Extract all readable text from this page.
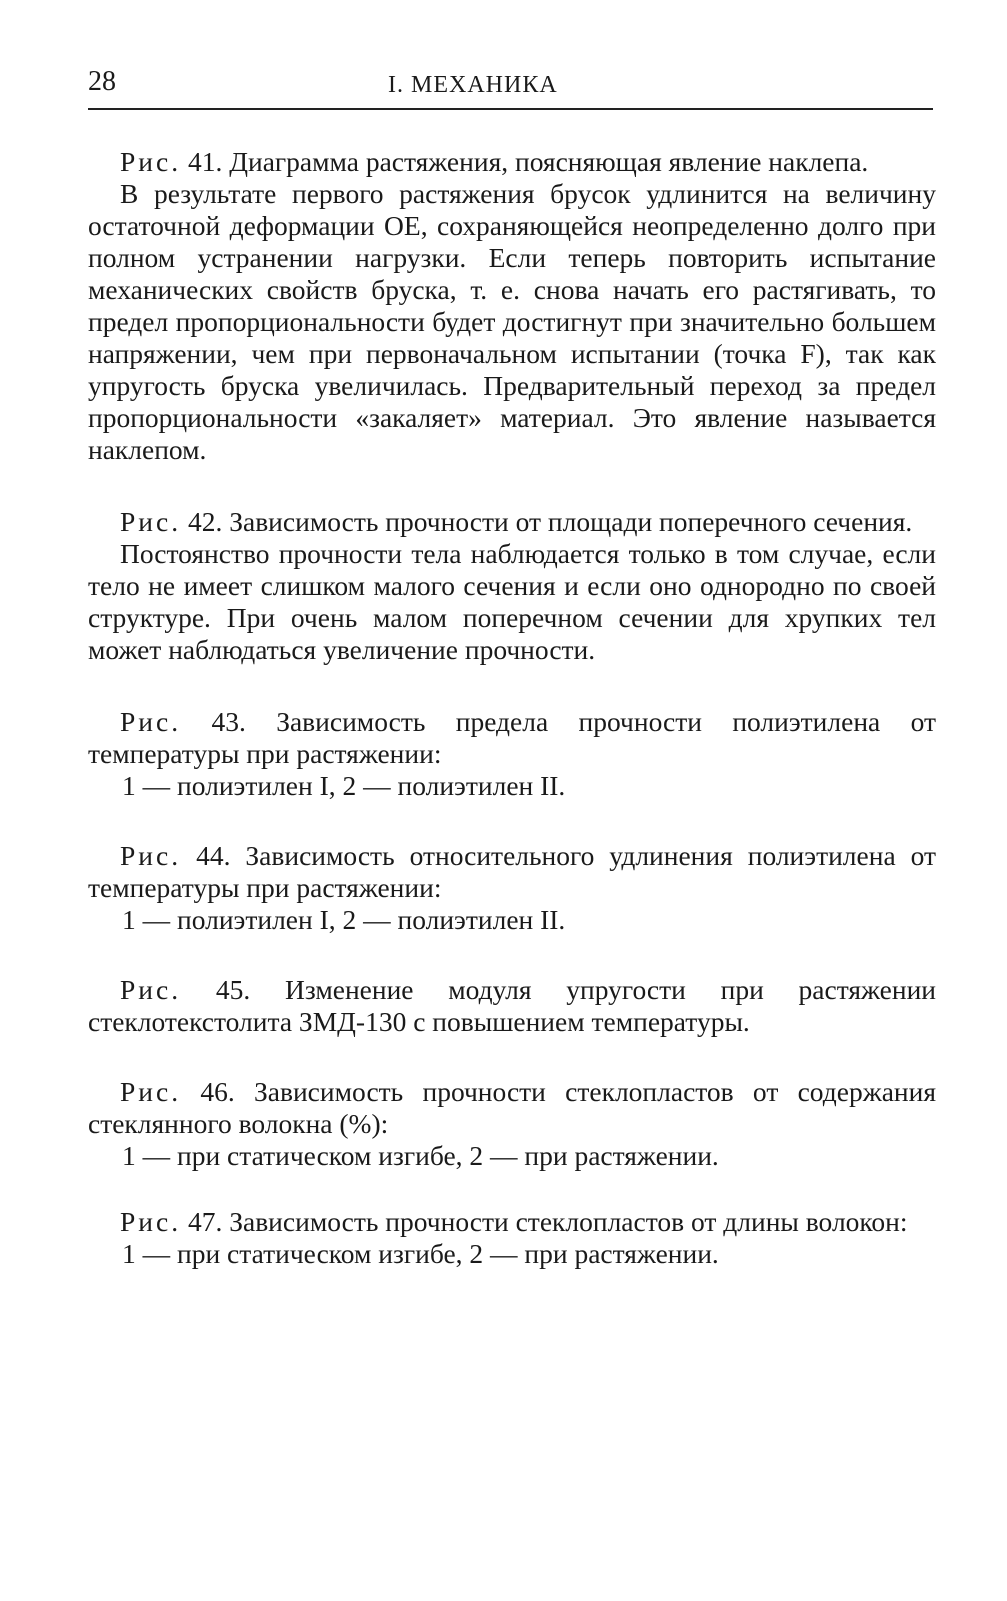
28	I. МЕХАНИКА

Рис. 41. Диаграмма растяжения, поясняющая явление наклепа.

В результате первого растяжения брусок удлинится на величину остаточной деформации OE, сохраняющейся неопределенно долго при полном устранении нагрузки. Если теперь повторить испытание механических свойств бруска, т. е. снова начать его растягивать, то предел пропорциональности будет достигнут при значительно большем напряжении, чем при первоначальном испытании (точка F), так как упругость бруска увеличилась. Предварительный переход за предел пропорциональности «закаляет» материал. Это явление называется наклепом.

Рис. 42. Зависимость прочности от площади поперечного сечения.

Постоянство прочности тела наблюдается только в том случае, если тело не имеет слишком малого сечения и если оно однородно по своей структуре. При очень малом поперечном сечении для хрупких тел может наблюдаться увеличение прочности.

Рис. 43. Зависимость предела прочности полиэтилена от температуры при растяжении:

1 — полиэтилен I, 2 — полиэтилен II.

Рис. 44. Зависимость относительного удлинения полиэтилена от температуры при растяжении:

1 — полиэтилен I, 2 — полиэтилен II.

Рис. 45. Изменение модуля упругости при растяжении стеклотекстолита ЗМД-130 с повышением температуры.

Рис. 46. Зависимость прочности стеклопластов от содержания стеклянного волокна (%):

1 — при статическом изгибе, 2 — при растяжении.

Рис. 47. Зависимость прочности стеклопластов от длины волокон:

1 — при статическом изгибе, 2 — при растяжении.
